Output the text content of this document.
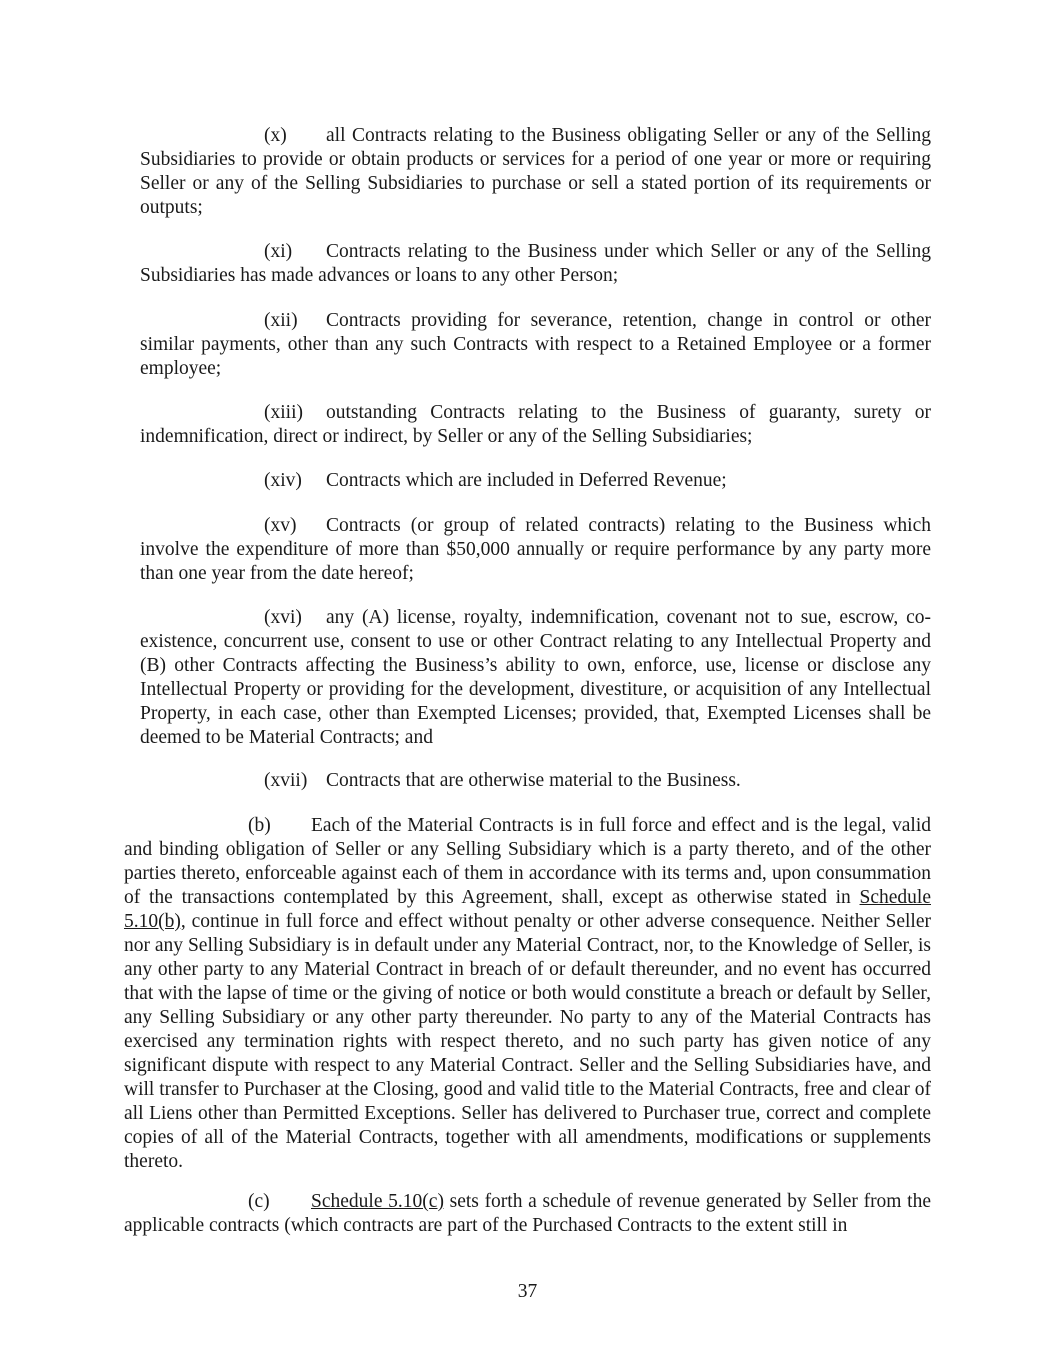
(x) all Contracts relating to the Business obligating Seller or any of the Selling Subsidiaries to provide or obtain products or services for a period of one year or more or requiring Seller or any of the Selling Subsidiaries to purchase or sell a stated portion of its requirements or outputs;

(xi) Contracts relating to the Business under which Seller or any of the Selling Subsidiaries has made advances or loans to any other Person;

(xii) Contracts providing for severance, retention, change in control or other similar payments, other than any such Contracts with respect to a Retained Employee or a former employee;

(xiii) outstanding Contracts relating to the Business of guaranty, surety or indemnification, direct or indirect, by Seller or any of the Selling Subsidiaries;

(xiv) Contracts which are included in Deferred Revenue;

(xv) Contracts (or group of related contracts) relating to the Business which involve the expenditure of more than $50,000 annually or require performance by any party more than one year from the date hereof;

(xvi) any (A) license, royalty, indemnification, covenant not to sue, escrow, co-existence, concurrent use, consent to use or other Contract relating to any Intellectual Property and (B) other Contracts affecting the Business’s ability to own, enforce, use, license or disclose any Intellectual Property or providing for the development, divestiture, or acquisition of any Intellectual Property, in each case, other than Exempted Licenses; provided, that, Exempted Licenses shall be deemed to be Material Contracts; and

(xvii) Contracts that are otherwise material to the Business.

(b) Each of the Material Contracts is in full force and effect and is the legal, valid and binding obligation of Seller or any Selling Subsidiary which is a party thereto, and of the other parties thereto, enforceable against each of them in accordance with its terms and, upon consummation of the transactions contemplated by this Agreement, shall, except as otherwise stated in Schedule 5.10(b), continue in full force and effect without penalty or other adverse consequence. Neither Seller nor any Selling Subsidiary is in default under any Material Contract, nor, to the Knowledge of Seller, is any other party to any Material Contract in breach of or default thereunder, and no event has occurred that with the lapse of time or the giving of notice or both would constitute a breach or default by Seller, any Selling Subsidiary or any other party thereunder. No party to any of the Material Contracts has exercised any termination rights with respect thereto, and no such party has given notice of any significant dispute with respect to any Material Contract. Seller and the Selling Subsidiaries have, and will transfer to Purchaser at the Closing, good and valid title to the Material Contracts, free and clear of all Liens other than Permitted Exceptions. Seller has delivered to Purchaser true, correct and complete copies of all of the Material Contracts, together with all amendments, modifications or supplements thereto.

(c) Schedule 5.10(c) sets forth a schedule of revenue generated by Seller from the applicable contracts (which contracts are part of the Purchased Contracts to the extent still in

37
